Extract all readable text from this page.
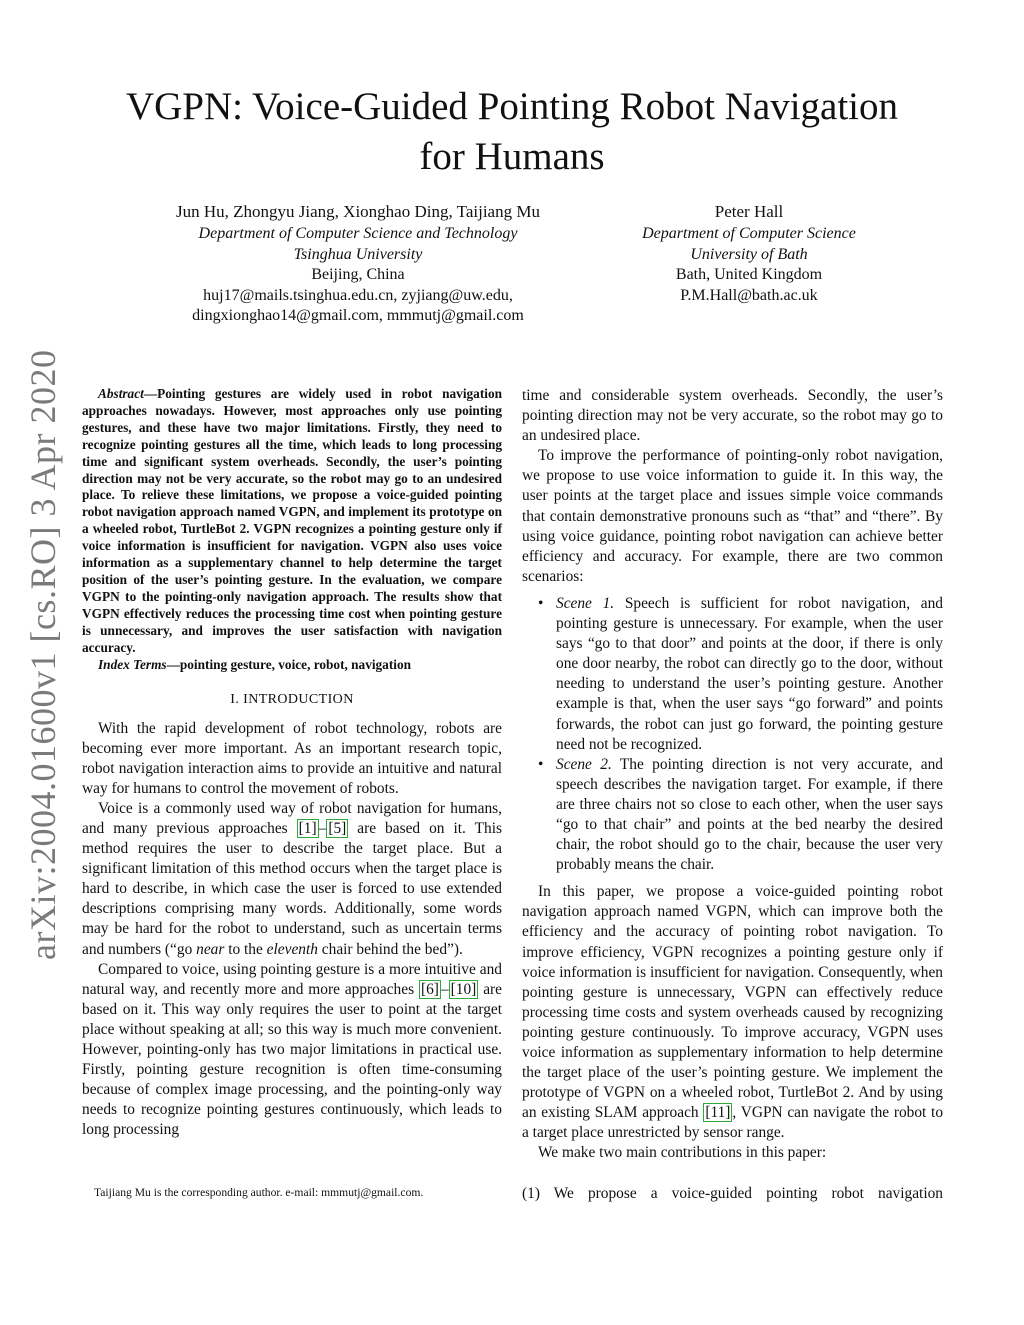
arXiv:2004.01600v1 [cs.RO] 3 Apr 2020
VGPN: Voice-Guided Pointing Robot Navigation
for Humans
Jun Hu, Zhongyu Jiang, Xionghao Ding, Taijiang Mu
Department of Computer Science and Technology
Tsinghua University
Beijing, China
huj17@mails.tsinghua.edu.cn, zyjiang@uw.edu,
dingxionghao14@gmail.com, mmmutj@gmail.com
Peter Hall
Department of Computer Science
University of Bath
Bath, United Kingdom
P.M.Hall@bath.ac.uk

Abstract—Pointing gestures are widely used in robot navigation approaches nowadays. However, most approaches only use pointing gestures, and these have two major limitations. Firstly, they need to recognize pointing gestures all the time, which leads to long processing time and significant system overheads. Secondly, the user’s pointing direction may not be very accurate, so the robot may go to an undesired place. To relieve these limitations, we propose a voice-guided pointing robot navigation approach named VGPN, and implement its prototype on a wheeled robot, TurtleBot 2. VGPN recognizes a pointing gesture only if voice information is insufficient for navigation. VGPN also uses voice information as a supplementary channel to help determine the target position of the user’s pointing gesture. In the evaluation, we compare VGPN to the pointing-only navigation approach. The results show that VGPN effectively reduces the processing time cost when pointing gesture is unnecessary, and improves the user satisfaction with navigation accuracy.

Index Terms—pointing gesture, voice, robot, navigation

I. INTRODUCTION

With the rapid development of robot technology, robots are becoming ever more important. As an important research topic, robot navigation interaction aims to provide an intuitive and natural way for humans to control the movement of robots.

Voice is a commonly used way of robot navigation for humans, and many previous approaches [1] – [5] are based on it. This method requires the user to describe the target place. But a significant limitation of this method occurs when the target place is hard to describe, in which case the user is forced to use extended descriptions comprising many words. Additionally, some words may be hard for the robot to understand, such as uncertain terms and numbers (“go near to the eleventh chair behind the bed”).

Compared to voice, using pointing gesture is a more intuitive and natural way, and recently more and more approaches [6] – [10] are based on it. This way only requires the user to point at the target place without speaking at all; so this way is much more convenient. However, pointing-only has two major limitations in practical use. Firstly, pointing gesture recognition is often time-consuming because of complex image processing, and the pointing-only way needs to recognize pointing gestures continuously, which leads to long processing

Taijiang Mu is the corresponding author. e-mail: mmmutj@gmail.com.

time and considerable system overheads. Secondly, the user’s pointing direction may not be very accurate, so the robot may go to an undesired place.

To improve the performance of pointing-only robot navigation, we propose to use voice information to guide it. In this way, the user points at the target place and issues simple voice commands that contain demonstrative pronouns such as “that” and “there”. By using voice guidance, pointing robot navigation can achieve better efficiency and accuracy. For example, there are two common scenarios:

• Scene 1. Speech is sufficient for robot navigation, and pointing gesture is unnecessary. For example, when the user says “go to that door” and points at the door, if there is only one door nearby, the robot can directly go to the door, without needing to understand the user’s pointing gesture. Another example is that, when the user says “go forward” and points forwards, the robot can just go forward, the pointing gesture need not be recognized.
• Scene 2. The pointing direction is not very accurate, and speech describes the navigation target. For example, if there are three chairs not so close to each other, when the user says “go to that chair” and points at the bed nearby the desired chair, the robot should go to the chair, because the user very probably means the chair.

In this paper, we propose a voice-guided pointing robot navigation approach named VGPN, which can improve both the efficiency and the accuracy of pointing robot navigation. To improve efficiency, VGPN recognizes a pointing gesture only if voice information is insufficient for navigation. Consequently, when pointing gesture is unnecessary, VGPN can effectively reduce processing time costs and system overheads caused by recognizing pointing gesture continuously. To improve accuracy, VGPN uses voice information as supplementary information to help determine the target place of the user’s pointing gesture. We implement the prototype of VGPN on a wheeled robot, TurtleBot 2. And by using an existing SLAM approach [11] , VGPN can navigate the robot to a target place unrestricted by sensor range.

We make two main contributions in this paper:

(1) We propose a voice-guided pointing robot navigation
